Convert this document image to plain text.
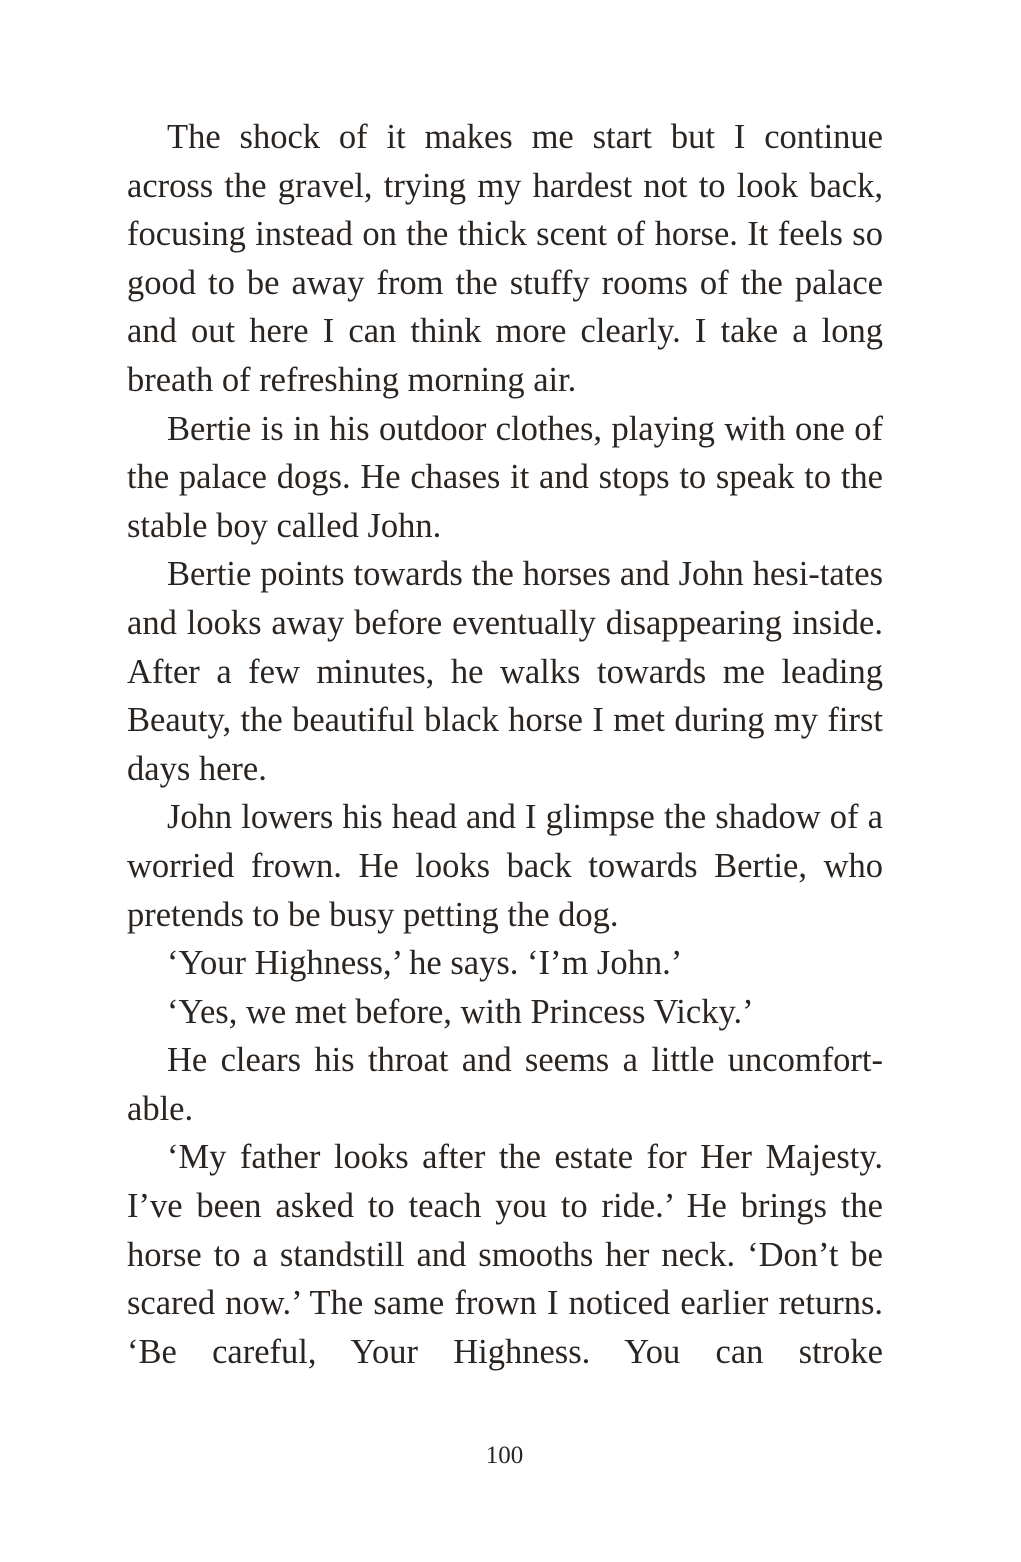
The shock of it makes me start but I continue across the gravel, trying my hardest not to look back, focusing instead on the thick scent of horse. It feels so good to be away from the stuffy rooms of the palace and out here I can think more clearly. I take a long breath of refreshing morning air.

Bertie is in his outdoor clothes, playing with one of the palace dogs. He chases it and stops to speak to the stable boy called John.

Bertie points towards the horses and John hesi-tates and looks away before eventually disappearing inside. After a few minutes, he walks towards me leading Beauty, the beautiful black horse I met during my first days here.

John lowers his head and I glimpse the shadow of a worried frown. He looks back towards Bertie, who pretends to be busy petting the dog.

‘Your Highness,’ he says. ‘I’m John.’

‘Yes, we met before, with Princess Vicky.’

He clears his throat and seems a little uncomfort-able.

‘My father looks after the estate for Her Majesty. I’ve been asked to teach you to ride.’ He brings the horse to a standstill and smooths her neck. ‘Don’t be scared now.’ The same frown I noticed earlier returns. ‘Be careful, Your Highness. You can stroke

100
